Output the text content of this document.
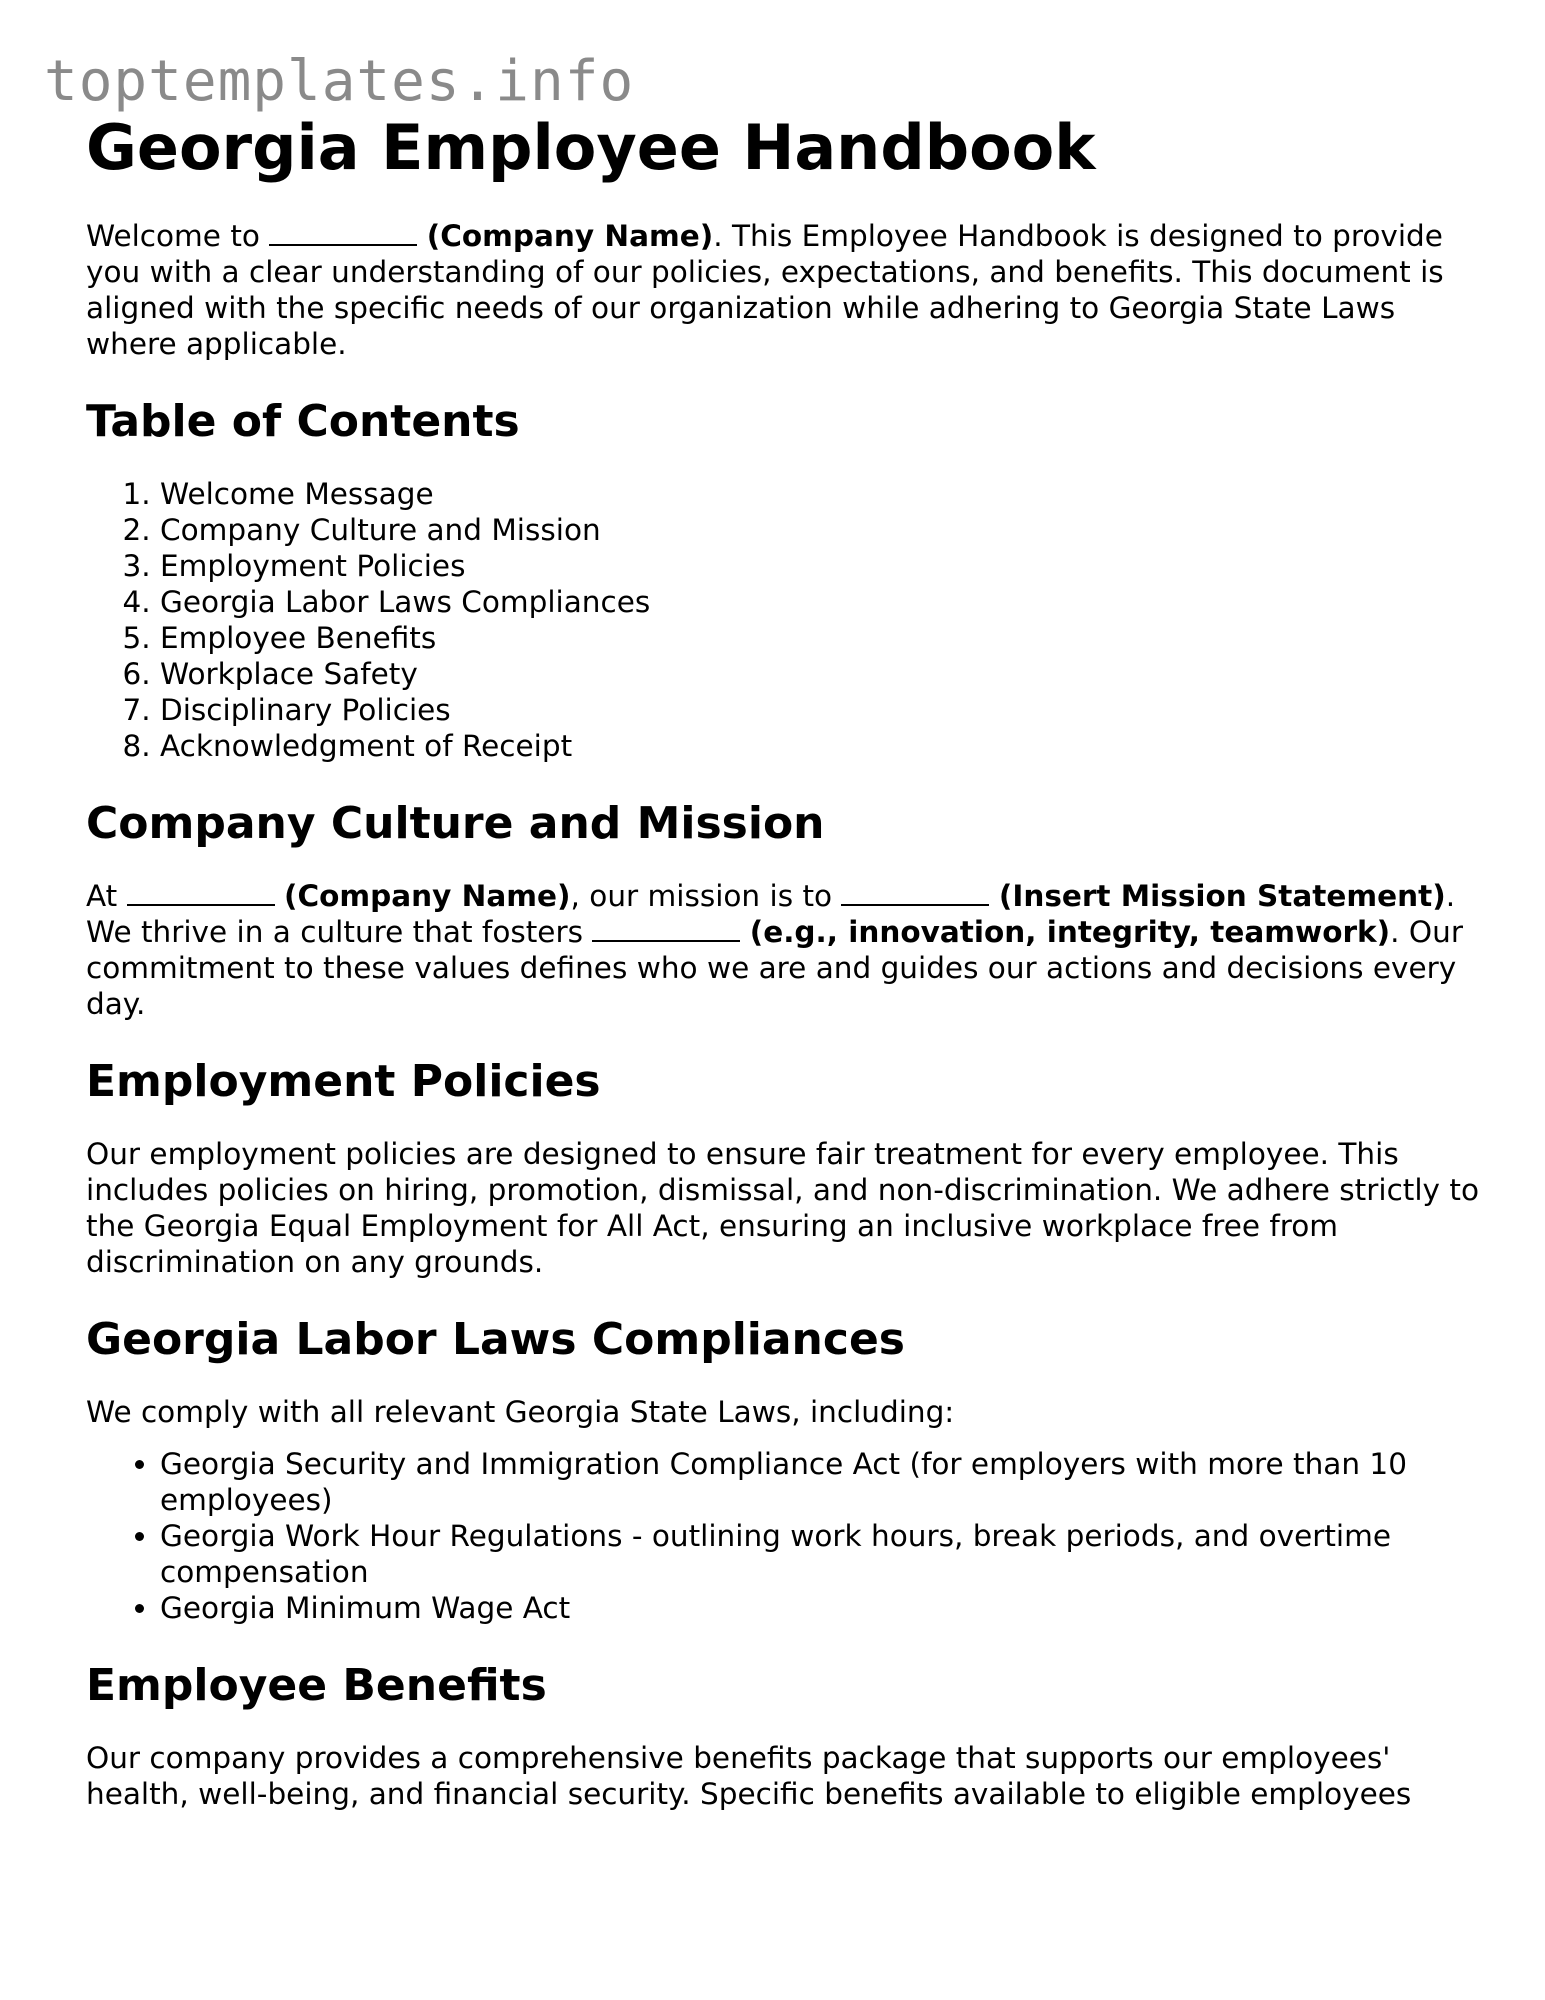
toptemplates.info
Georgia Employee Handbook

Welcome to	(Company Name). This Employee Handbook is designed to provide you with a clear understanding of our policies, expectations, and benefits. This document is aligned with the specific needs of our organization while adhering to Georgia State Laws where applicable.

Table of Contents
1. Welcome Message
2. Company Culture and Mission
3. Employment Policies
4. Georgia Labor Laws Compliances
5. Employee Benefits
6. Workplace Safety
7. Disciplinary Policies
8. Acknowledgment of Receipt
Company Culture and Mission

At	(Company Name), our mission is to	(Insert Mission Statement). We thrive in a culture that fosters	(e.g., innovation, integrity, teamwork). Our commitment to these values defines who we are and guides our actions and decisions every day.

Employment Policies

Our employment policies are designed to ensure fair treatment for every employee. This includes policies on hiring, promotion, dismissal, and non-discrimination. We adhere strictly to the Georgia Equal Employment for All Act, ensuring an inclusive workplace free from discrimination on any grounds.

Georgia Labor Laws Compliances

We comply with all relevant Georgia State Laws, including:

• Georgia Security and Immigration Compliance Act (for employers with more than 10 employees)
• Georgia Work Hour Regulations - outlining work hours, break periods, and overtime compensation
• Georgia Minimum Wage Act
Employee Benefits

Our company provides a comprehensive benefits package that supports our employees' health, well-being, and financial security. Specific benefits available to eligible employees
